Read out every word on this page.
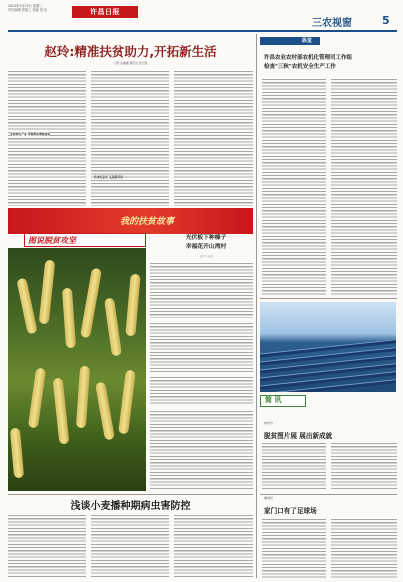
2024年4月23日 星期二
责任编辑 张晓兰 美编 刘 岩	许昌日报
三农视窗	5
赵玲:精准扶贫助力,开拓新生活
记者 张鑫鑫 通讯员 张志强
发展特色产业 带领群众增收致富
传承好家风 弘扬新风尚
我的扶贫故事
图说脱贫攻坚	光伏板下种榛子
幸福花开山湾村
记者 李 东 摄
纵览
许昌农业农村部农机化管理司工作组
检查"三秋"农机安全生产工作
简 讯
禹州市
脱贫图片展 展出新成就
襄城县
家门口有了足球场
浅谈小麦播种期病虫害防控
